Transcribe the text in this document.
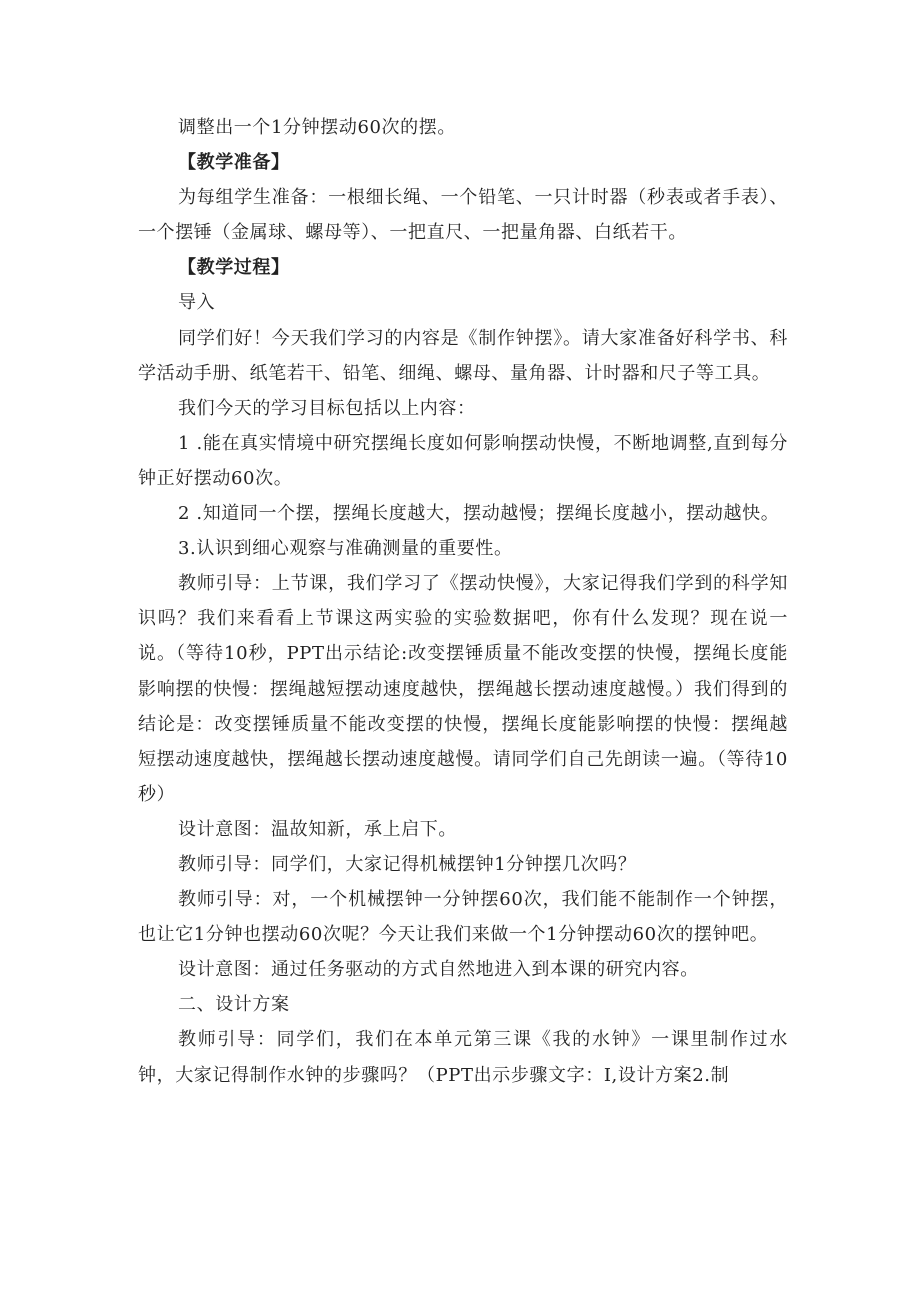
调整出一个1分钟摆动60次的摆。

【教学准备】

为每组学生准备：一根细长绳、一个铅笔、一只计时器（秒表或者手表）、一个摆锤（金属球、螺母等）、一把直尺、一把量角器、白纸若干。

【教学过程】

导入

同学们好！今天我们学习的内容是《制作钟摆》。请大家准备好科学书、科学活动手册、纸笔若干、铅笔、细绳、螺母、量角器、计时器和尺子等工具。

我们今天的学习目标包括以上内容：

1 .能在真实情境中研究摆绳长度如何影响摆动快慢，不断地调整,直到每分钟正好摆动60次。

2 .知道同一个摆，摆绳长度越大，摆动越慢；摆绳长度越小，摆动越快。

3.认识到细心观察与准确测量的重要性。

教师引导：上节课，我们学习了《摆动快慢》，大家记得我们学到的科学知识吗？我们来看看上节课这两实验的实验数据吧，你有什么发现？现在说一说。（等待10秒，PPT出示结论:改变摆锤质量不能改变摆的快慢，摆绳长度能影响摆的快慢：摆绳越短摆动速度越快，摆绳越长摆动速度越慢。）我们得到的结论是：改变摆锤质量不能改变摆的快慢，摆绳长度能影响摆的快慢：摆绳越短摆动速度越快，摆绳越长摆动速度越慢。请同学们自己先朗读一遍。（等待10秒）

设计意图：温故知新，承上启下。

教师引导：同学们，大家记得机械摆钟1分钟摆几次吗？

教师引导：对，一个机械摆钟一分钟摆60次，我们能不能制作一个钟摆，也让它1分钟也摆动60次呢？今天让我们来做一个1分钟摆动60次的摆钟吧。

设计意图：通过任务驱动的方式自然地进入到本课的研究内容。

二、设计方案

教师引导：同学们，我们在本单元第三课《我的水钟》一课里制作过水钟，大家记得制作水钟的步骤吗？（PPT出示步骤文字：I,设计方案2.制
